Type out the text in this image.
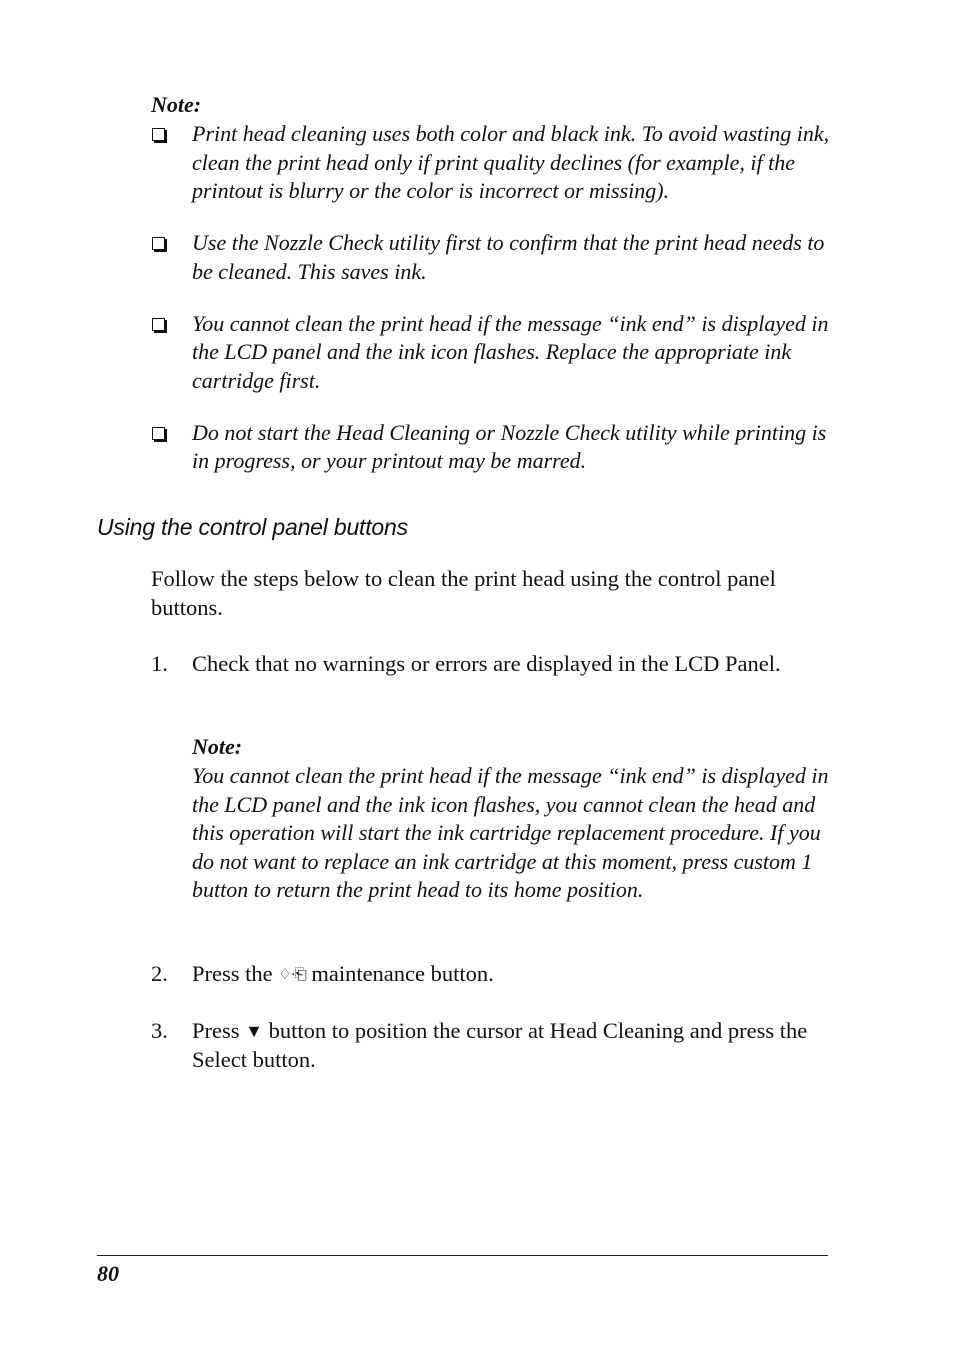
Note:
Print head cleaning uses both color and black ink. To avoid wasting ink, clean the print head only if print quality declines (for example, if the printout is blurry or the color is incorrect or missing).
Use the Nozzle Check utility first to confirm that the print head needs to be cleaned. This saves ink.
You cannot clean the print head if the message “ink end” is displayed in the LCD panel and the ink icon flashes. Replace the appropriate ink cartridge first.
Do not start the Head Cleaning or Nozzle Check utility while printing is in progress, or your printout may be marred.
Using the control panel buttons

Follow the steps below to clean the print head using the control panel buttons.

1. Check that no warnings or errors are displayed in the LCD Panel.
Note:

You cannot clean the print head if the message “ink end” is displayed in the LCD panel and the ink icon flashes, you cannot clean the head and this operation will start the ink cartridge replacement procedure. If you do not want to replace an ink cartridge at this moment, press custom 1 button to return the print head to its home position.

2. Press the ♢·⎗ maintenance button.
3. Press ▼ button to position the cursor at Head Cleaning and press the Select button.
80
